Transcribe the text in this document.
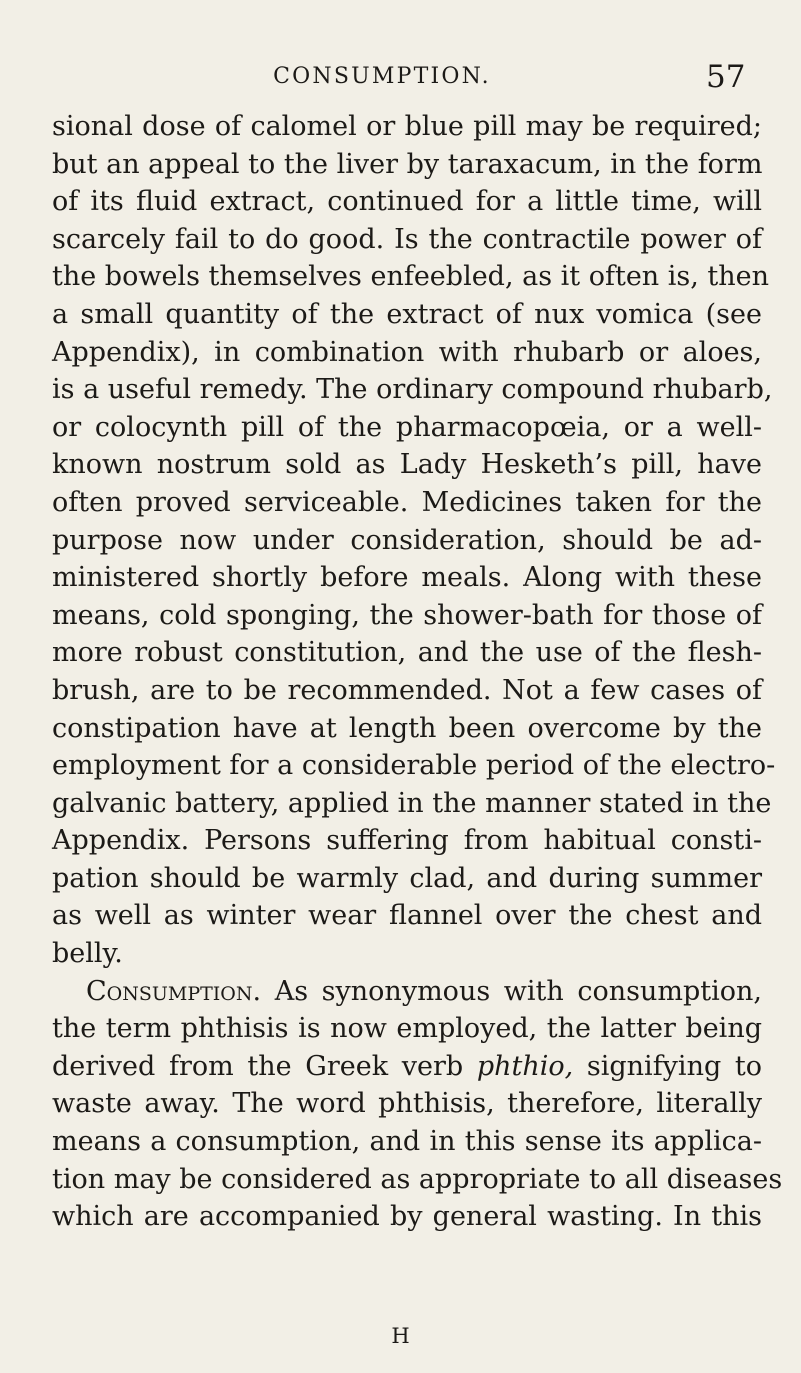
CONSUMPTION.	57
sional dose of calomel or blue pill may be required;
but an appeal to the liver by taraxacum, in the form
of its fluid extract, continued for a little time, will
scarcely fail to do good. Is the contractile power of
the bowels themselves enfeebled, as it often is, then
a small quantity of the extract of nux vomica (see
Appendix), in combination with rhubarb or aloes,
is a useful remedy. The ordinary compound rhubarb,
or colocynth pill of the pharmacopœia, or a well-
known nostrum sold as Lady Hesketh’s pill, have
often proved serviceable. Medicines taken for the
purpose now under consideration, should be ad-
ministered shortly before meals. Along with these
means, cold sponging, the shower-bath for those of
more robust constitution, and the use of the flesh-
brush, are to be recommended. Not a few cases of
constipation have at length been overcome by the
employment for a considerable period of the electro-
galvanic battery, applied in the manner stated in the
Appendix. Persons suffering from habitual consti-
pation should be warmly clad, and during summer
as well as winter wear flannel over the chest and
belly.
Consumption. As synonymous with consumption,
the term phthisis is now employed, the latter being
derived from the Greek verb phthio, signifying to
waste away. The word phthisis, therefore, literally
means a consumption, and in this sense its applica-
tion may be considered as appropriate to all diseases
which are accompanied by general wasting. In this
H
